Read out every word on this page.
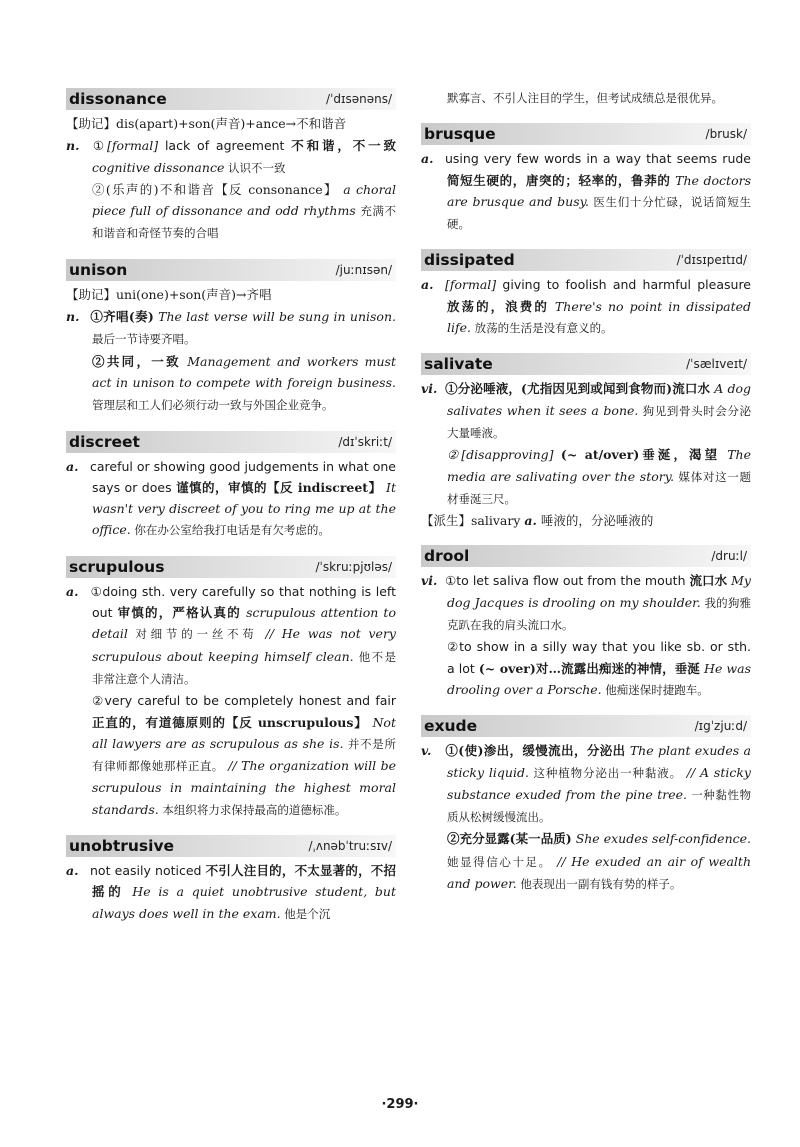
dissonance	/ˈdɪsənəns/

【助记】dis(apart)+son(声音)+ance→不和谐音

n. ①[formal] lack of agreement 不和谐，不一致 cognitive dissonance 认识不一致

②(乐声的)不和谐音【反 consonance】 a choral piece full of dissonance and odd rhythms 充满不和谐音和奇怪节奏的合唱

unison	/juːnɪsən/

【助记】uni(one)+son(声音)→齐唱

n. ①齐唱(奏) The last verse will be sung in unison. 最后一节诗要齐唱。

②共同，一致 Management and workers must act in unison to compete with foreign business. 管理层和工人们必须行动一致与外国企业竞争。

discreet	/dɪˈskriːt/

a. careful or showing good judgements in what one says or does 谨慎的，审慎的【反 indiscreet】 It wasn't very discreet of you to ring me up at the office. 你在办公室给我打电话是有欠考虑的。

scrupulous	/ˈskruːpjʊləs/

a. ①doing sth. very carefully so that nothing is left out 审慎的，严格认真的 scrupulous attention to detail 对细节的一丝不苟 // He was not very scrupulous about keeping himself clean. 他不是非常注意个人清洁。

②very careful to be completely honest and fair 正直的，有道德原则的【反 unscrupulous】 Not all lawyers are as scrupulous as she is. 并不是所有律师都像她那样正直。 // The organization will be scrupulous in maintaining the highest moral standards. 本组织将力求保持最高的道德标准。

unobtrusive	/ˌʌnəbˈtruːsɪv/

a. not easily noticed 不引人注目的，不太显著的，不招摇的 He is a quiet unobtrusive student, but always does well in the exam. 他是个沉

默寡言、不引人注目的学生，但考试成绩总是很优异。

brusque	/brusk/

a. using very few words in a way that seems rude 简短生硬的，唐突的；轻率的，鲁莽的 The doctors are brusque and busy. 医生们十分忙碌，说话简短生硬。

dissipated	/ˈdɪsɪpeɪtɪd/

a. [formal] giving to foolish and harmful pleasure 放荡的，浪费的 There's no point in dissipated life. 放荡的生活是没有意义的。

salivate	/ˈsælɪveɪt/

vi. ①分泌唾液，(尤指因见到或闻到食物而)流口水 A dog salivates when it sees a bone. 狗见到骨头时会分泌大量唾液。

②[disapproving] (~ at/over)垂涎，渴望 The media are salivating over the story. 媒体对这一题材垂涎三尺。

【派生】salivary a. 唾液的，分泌唾液的

drool	/druːl/

vi. ①to let saliva flow out from the mouth 流口水 My dog Jacques is drooling on my shoulder. 我的狗雅克趴在我的肩头流口水。

②to show in a silly way that you like sb. or sth. a lot (~ over)对…流露出痴迷的神情，垂涎 He was drooling over a Porsche. 他痴迷保时捷跑车。

exude	/ɪgˈzjuːd/

v. ①(使)渗出，缓慢流出，分泌出 The plant exudes a sticky liquid. 这种植物分泌出一种黏液。 // A sticky substance exuded from the pine tree. 一种黏性物质从松树缓慢流出。

②充分显露(某一品质) She exudes self-confidence. 她显得信心十足。 // He exuded an air of wealth and power. 他表现出一副有钱有势的样子。

·299·
